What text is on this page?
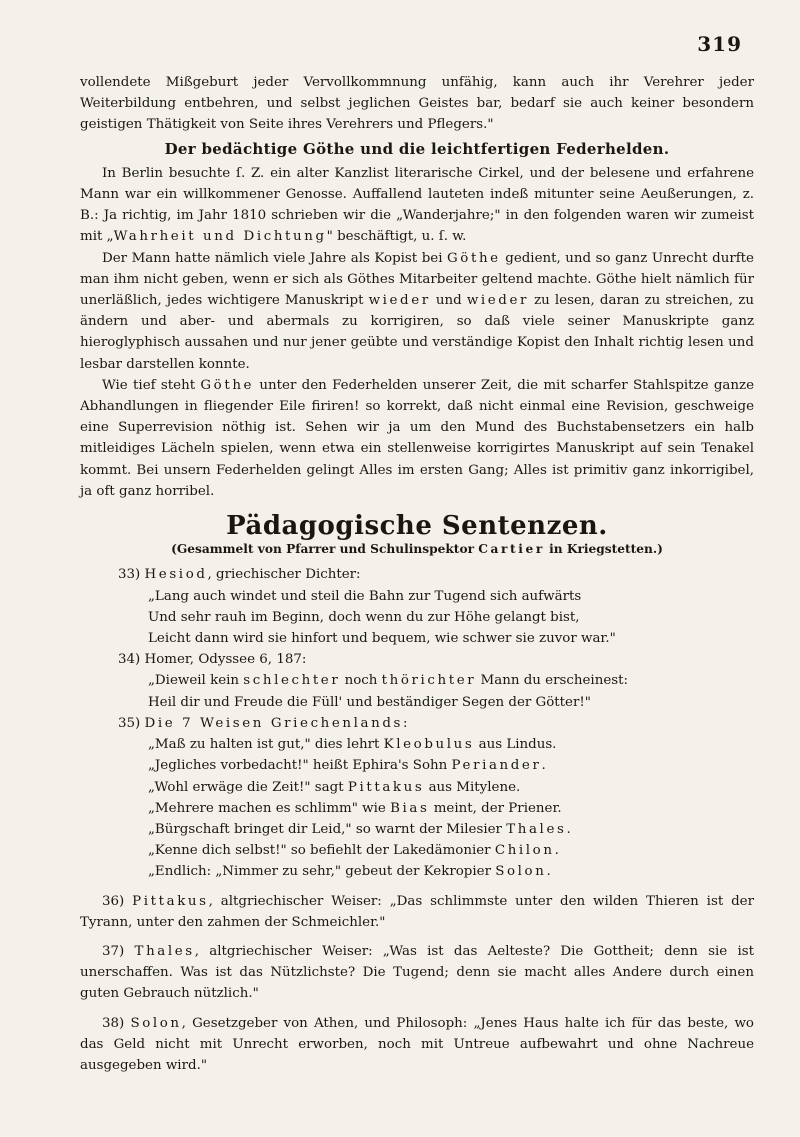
319

vollendete Mißgeburt jeder Vervollkommnung unfähig, kann auch ihr Verehrer jeder Weiterbildung entbehren, und selbst jeglichen Geistes bar, bedarf sie auch keiner besondern geistigen Thätigkeit von Seite ihres Verehrers und Pflegers."

Der bedächtige Göthe und die leichtfertigen Federhelden.

In Berlin besuchte ſ. Z. ein alter Kanzlist literarische Cirkel, und der belesene und erfahrene Mann war ein willkommener Genosse. Auffallend lauteten indeß mitunter seine Aeußerungen, z. B.: Ja richtig, im Jahr 1810 schrieben wir die „Wanderjahre;" in den folgenden waren wir zumeist mit „Wahrheit und Dichtung" beschäftigt, u. ſ. w.

Der Mann hatte nämlich viele Jahre als Kopist bei Göthe gedient, und so ganz Unrecht durfte man ihm nicht geben, wenn er sich als Göthes Mitarbeiter geltend machte. Göthe hielt nämlich für unerläßlich, jedes wichtigere Manuskript wieder und wieder zu lesen, daran zu streichen, zu ändern und aber- und abermals zu korrigiren, so daß viele seiner Manuskripte ganz hieroglyphisch aussahen und nur jener geübte und verständige Kopist den Inhalt richtig lesen und lesbar darstellen konnte.

Wie tief steht Göthe unter den Federhelden unserer Zeit, die mit scharfer Stahlspitze ganze Abhandlungen in fliegender Eile firiren! so korrekt, daß nicht einmal eine Revision, geschweige eine Superrevision nöthig ist. Sehen wir ja um den Mund des Buchstabensetzers ein halb mitleidiges Lächeln spielen, wenn etwa ein stellenweise korrigirtes Manuskript auf sein Tenakel kommt. Bei unsern Federhelden gelingt Alles im ersten Gang; Alles ist primitiv ganz inkorrigibel, ja oft ganz horribel.

Pädagogische Sentenzen.
(Gesammelt von Pfarrer und Schulinspektor Cartier in Kriegstetten.)
33) Hesiod, griechischer Dichter:
„Lang auch windet und steil die Bahn zur Tugend sich aufwärts
Und sehr rauh im Beginn, doch wenn du zur Höhe gelangt bist,
Leicht dann wird sie hinfort und bequem, wie schwer sie zuvor war."
34) Homer, Odyssee 6, 187:
„Dieweil kein schlechter noch thörichter Mann du erscheinest:
Heil dir und Freude die Füll' und beständiger Segen der Götter!"
35) Die 7 Weisen Griechenlands:
„Maß zu halten ist gut," dies lehrt Kleobulus aus Lindus.
„Jegliches vorbedacht!" heißt Ephira's Sohn Periander.
„Wohl erwäge die Zeit!" sagt Pittakus aus Mitylene.
„Mehrere machen es schlimm" wie Bias meint, der Priener.
„Bürgschaft bringet dir Leid," so warnt der Milesier Thales.
„Kenne dich selbst!" so befiehlt der Lakedämonier Chilon.
„Endlich: „Nimmer zu sehr," gebeut der Kekropier Solon.

36) Pittakus, altgriechischer Weiser: „Das schlimmste unter den wilden Thieren ist der Tyrann, unter den zahmen der Schmeichler."

37) Thales, altgriechischer Weiser: „Was ist das Aelteste? Die Gottheit; denn sie ist unerschaffen. Was ist das Nützlichste? Die Tugend; denn sie macht alles Andere durch einen guten Gebrauch nützlich."

38) Solon, Gesetzgeber von Athen, und Philosoph: „Jenes Haus halte ich für das beste, wo das Geld nicht mit Unrecht erworben, noch mit Untreue aufbewahrt und ohne Nachreue ausgegeben wird."
